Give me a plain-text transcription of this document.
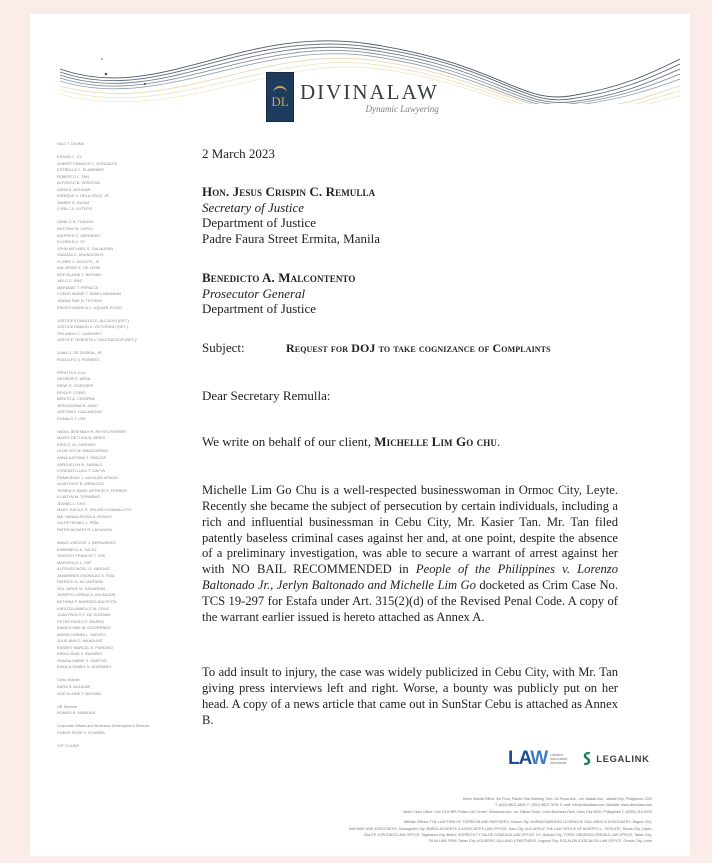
DL DIVINALAW
Dynamic Lawyering
NILO T. DIVINA
EDSAN C. UY
ALBERT FRANCIS C. GONZALES
ESTRELLA C. ELAMPARO
ROBERTO L. TAN
ALFONSO B. VERZOSA
DARA S. AGUILAR
ENRIQUE V. DELA CRUZ, JR.
SAMMY E. BUHAT
CYRILL A. UYTEPO
DANILO N. TUNGOL
ANTONIO B. CAPILI
WILFRED C. MERGINIO
ELIORA B.V. SY
JOHN MICHAEL S. GALAURAN
ISAGANI C. ASUNCION III
FLORIE C. BOLOTIL, III
IAN JERNY E. DE LEON
NOE ELAINE T. BATHAN
JAY-O C. IPAC
MARIANIE T. PERALTA
COEUR MARIE T. RAMO-DAYANAN
JANINA RAE N. TECSON
ERMYO ANGELA C. AQUIAR-POSIO
JUSTICE EDWALDO D. ALCAOUI (RET.)
JUSTICE RAMON V. VICTORINO (RET.)
ORLANDO C. CASIMIRO
JUSTICE TERESITA V. DIAZ BALDOS (RET.)*
JUAN G. DE ZUÑIGA, JR.
RODOLFO V. ROMERO
PERLITA V. ELA
GEORGE E. ARSA
RENE R. GOROSPE
ROSA P. COBIO
BENITO A. CATAPAN
JESUSSIONA R. JUBO
JUSTINA F. CALLANGAN
DONALD T. LEE
NADIA JEREMIAH R. REYES-FERRER
MARLY DETLIDA N. BERIA
KRIS G. M. CARDINO
LEON JOY M. MADDORRAS
ANNA KATRINA T. SPACOS
ARROJELYN N. SAMALO
LORENZO LUIGI T. GAYYA
EMMA RUBY J. AGUILAR-APIADO
ALVIN FAYE B. MENDOZA
TERENCE MARK ARTHUR S. FERRER
KLIADYN M. TORNIBAO
JEANEL L. CHO
MARY JOELLE R. VELASCO-MANALOTO
MA. HANNA RODIA A. BONGO
VALPETRONIO J. PIÑA
PATRICIA FAITH R. LACASATA
IANUS VINCENT J. BERNARDEZ
KHARMELU A. SALEZ
TIMOTHY FRANCIS T. YEE
MARIVELLE L. ISIP
ALFONSO NOEL G. VARGAS
JAMARINES ENONGAO S. ROA
PATRICK M. ALCANTARA
SOL JARVE M. SADARDIN
JOSEPH LORENZ A. ASUNCION
BETHINA F. BARRIDO-BAUTISTA
KARIZZA ANNELLE M. CRUZ
JUAN PAOLO P. DE GUZMAN
PETER PAOLO F. IBARRA
BIANCA MAE M. GODIERNES
MARIA CARINA L. SAENTO
JULIE ANN C. MANGUIAT
ESBERT MARCEL E. PARDINO
KRIKA JEAN V. RAMIREZ
SHAINA MARIE S. SANTOS
BIANCA ISABEL S. SORRANO
Cebu Branch
DARA S. AGUILAR
NOE ELAINE T. BATHAN
HR Director
ROMEO B. MARASIA
Corporate Affairs and Business Development Director
CHEER ROSE V. ECARMA
*OF COUNS
2 March 2023
Hon. Jesus Crispin C. Remulla
Secretary of Justice
Department of Justice
Padre Faura Street Ermita, Manila
Benedicto A. Malcontento
Prosecutor General
Department of Justice
Subject:	Request for DOJ to take cognizance of Complaints
Dear Secretary Remulla:
We write on behalf of our client, Michelle Lim Go chu.
Michelle Lim Go Chu is a well-respected businesswoman in Ormoc City, Leyte. Recently she became the subject of persecution by certain individuals, including a rich and influential businessman in Cebu City, Mr. Kasier Tan. Mr. Tan filed patently baseless criminal cases against her and, at one point, despite the absence of a preliminary investigation, was able to secure a warrant of arrest against her with NO BAIL RECOMMENDED in People of the Philippines v. Lorenzo Baltonado Jr., Jerlyn Baltonado and Michelle Lim Go docketed as Crim Case No. TCS 19-297 for Estafa under Art. 315(2)(d) of the Revised Penal Code. A copy of the warrant earlier issued is hereto attached as Annex A.
To add insult to injury, the case was widely publicized in Cebu City, with Mr. Tan giving press interviews left and right. Worse, a bounty was publicly put on her head. A copy of a news article that came out in SunStar Cebu is attached as Annex B.
LAW Lawyers Associated Worldwide	LEGALINK
Metro Manila Office: 4th Floor, Pacific Star Building, Sen. Gil Puyat Ave., cor. Makati Ave., Makati City, Philippines 1200
T: (632) 8822-4800; F: (632) 8822-7878; E-mail: info@divinalaw.com; Website: www.divinalaw.com
Metro Cebu Office: Unit 1303 BPI-Philam Life Center, Mindanao Ave. cor. Biliran Road, Cebu Business Park, Cebu City 6000, Philippines T: (6332) 410-0020
Affiliate Offices: THE LAW FIRM OF TORREON AND PARTNERS, Davao City; HURADO/MENDEZ LICERALDE GALLARDO & ASSOCIATES, Baguio City;
MAHINAY AND ASSOCIATES, Dumaguete City; BUÑOL ALISENTE & ASSOCIATES LAW OFFICE, Iloilo City; ALD ARGLE THE LAW OFFICE OF ALBERTO L. GESLATE, Roxas City, Capiz;
BAUTE JOPUTADO LAW OFFICE, Tagbilaran City, Bohol; SORRETA TY SALDE GONZAGA LAW OFFICE CO, Butuan City; TORIO ORDENZA ORENDA LAW OFFICE, Tarlac City;
SILVA LAW FIRM, Tarlac City; AGUERRO VALLANO & PARTNERS, Legazpi City; ESCALON & ESCALON LAW OFFICE, Ormoc City, Leyte
